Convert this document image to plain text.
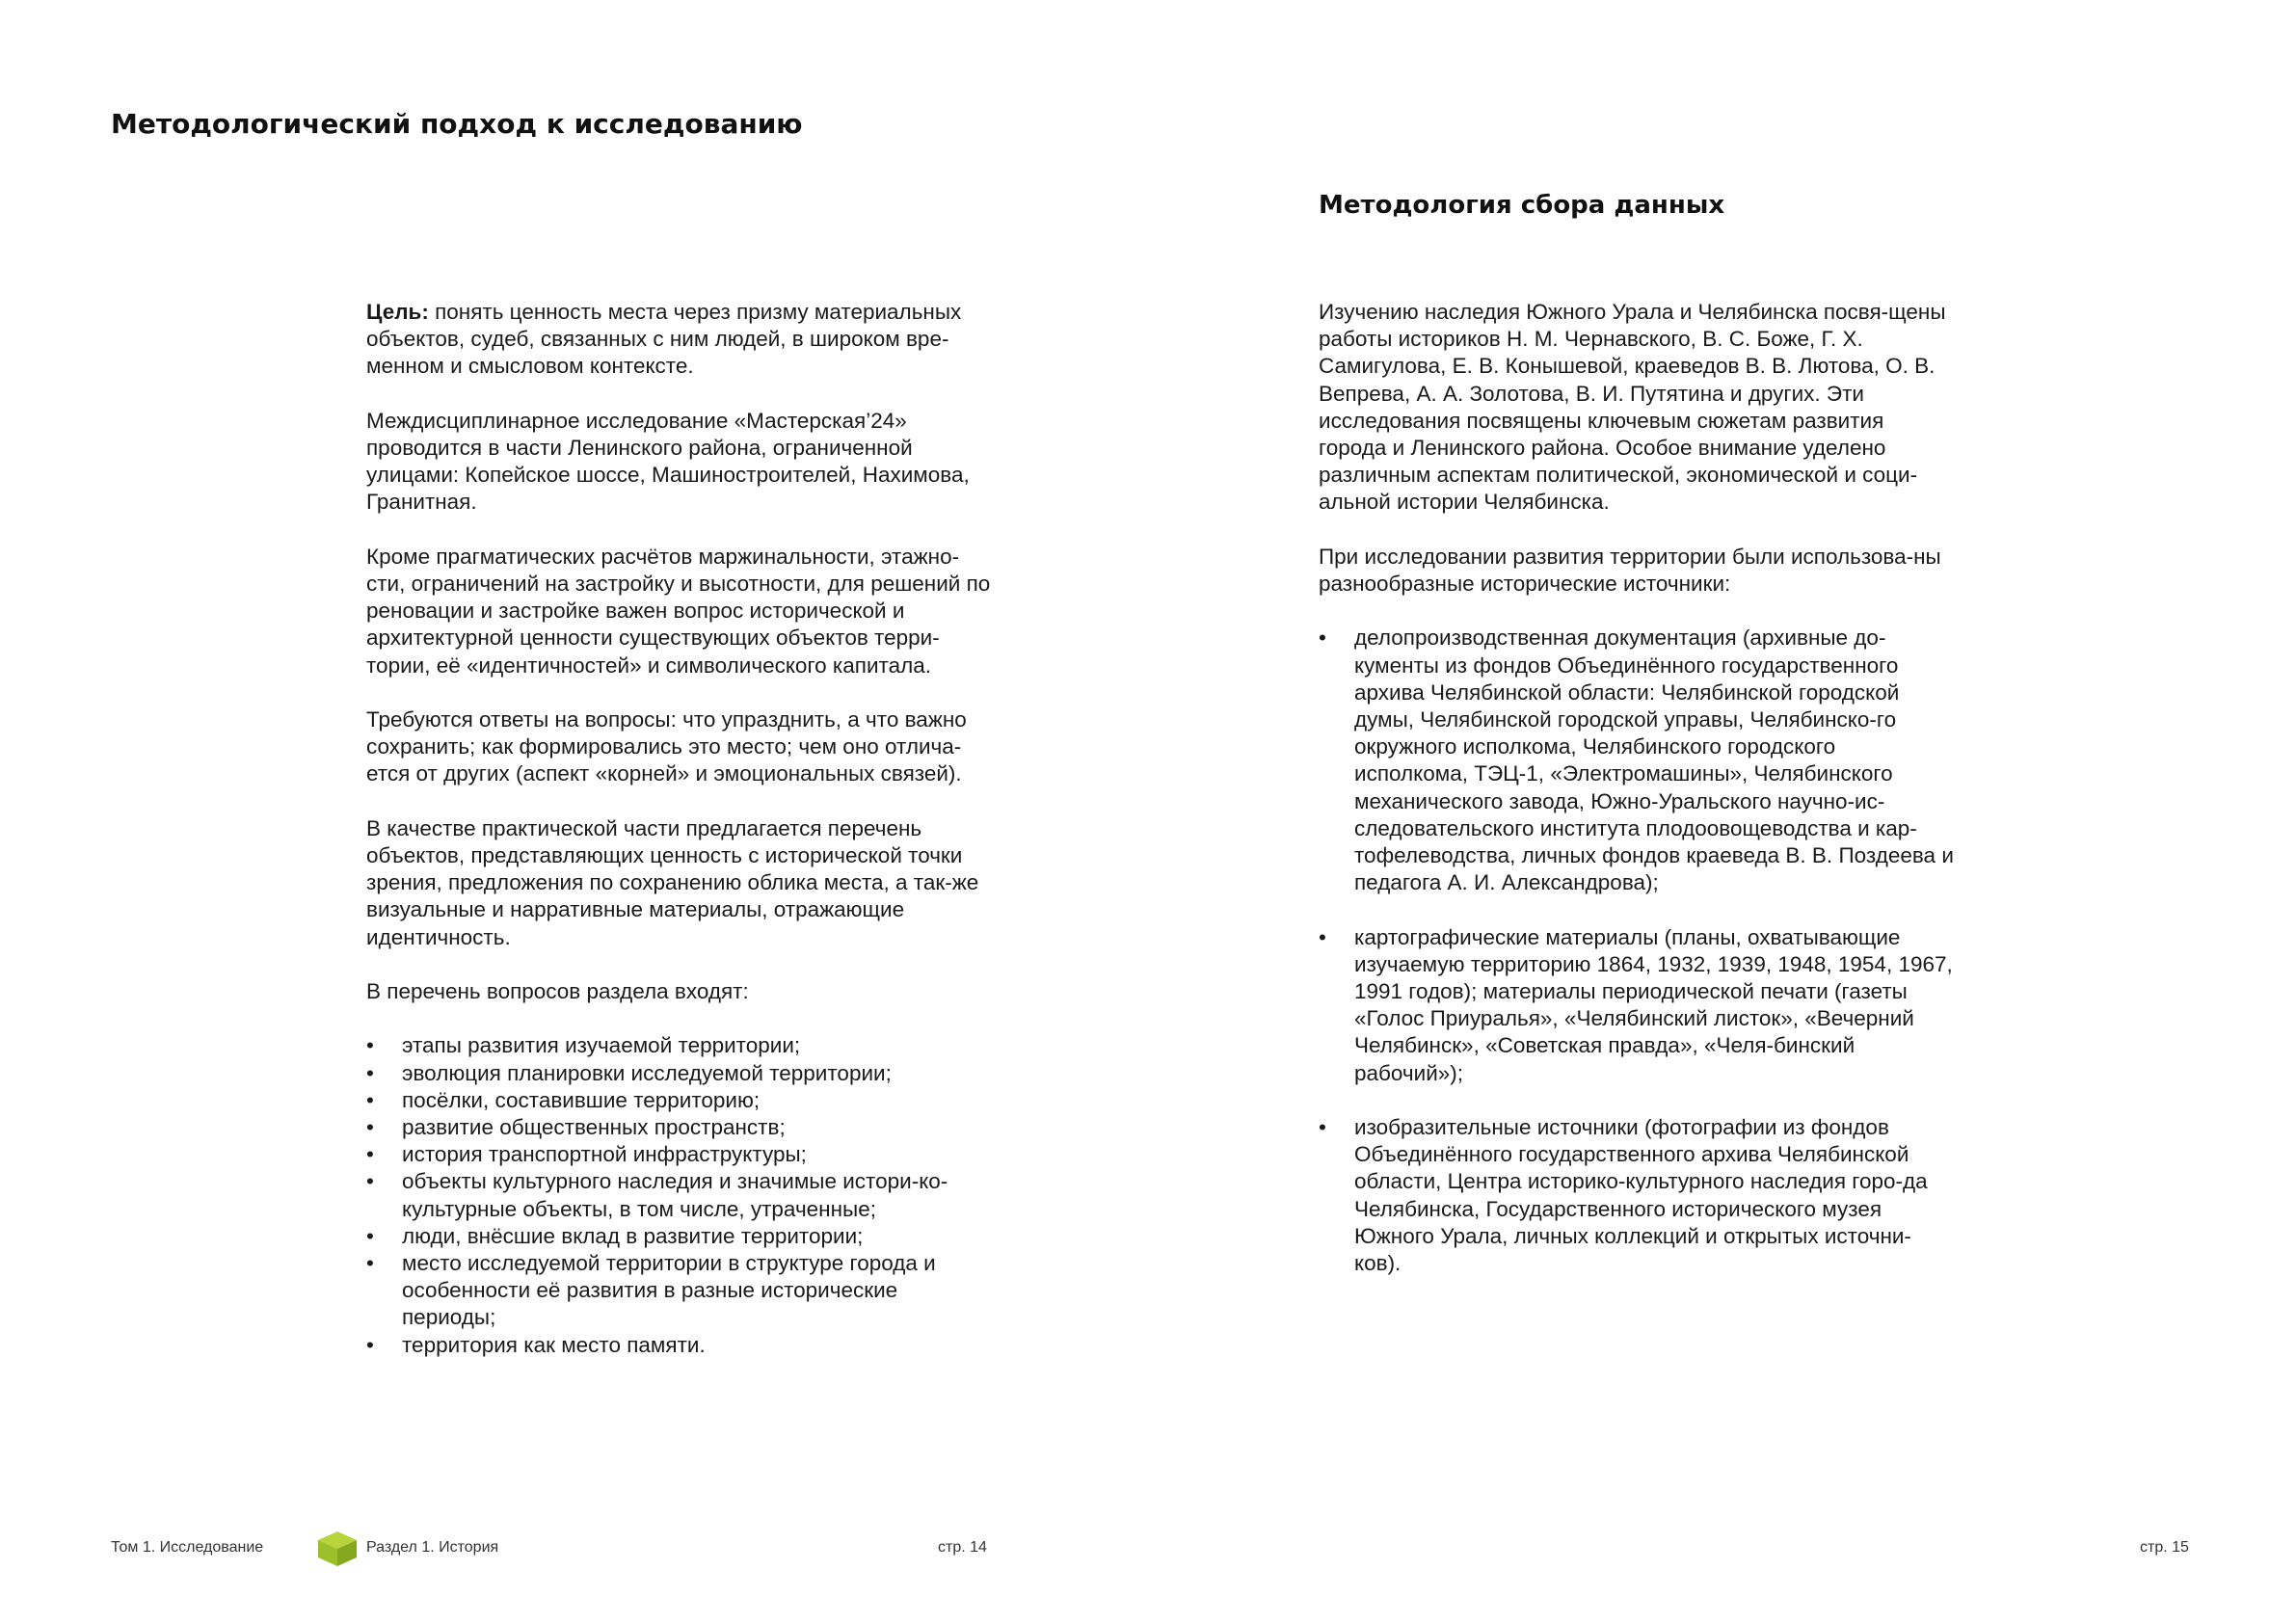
Методологический подход к исследованию

Цель: понять ценность места через призму материальных объектов, судеб, связанных с ним людей, в широком вре-менном и смысловом контексте.

Междисциплинарное исследование «Мастерская’24» проводится в части Ленинского района, ограниченной улицами: Копейское шоссе, Машиностроителей, Нахимова, Гранитная.

Кроме прагматических расчётов маржинальности, этажно-сти, ограничений на застройку и высотности, для решений по реновации и застройке важен вопрос исторической и архитектурной ценности существующих объектов терри-тории, её «идентичностей» и символического капитала.

Требуются ответы на вопросы: что упразднить, а что важно сохранить; как формировались это место; чем оно отлича-ется от других (аспект «корней» и эмоциональных связей).

В качестве практической части предлагается перечень объектов, представляющих ценность с исторической точки зрения, предложения по сохранению облика места, а так-же визуальные и нарративные материалы, отражающие идентичность.

В перечень вопросов раздела входят:

•	этапы развития изучаемой территории;
•	эволюция планировки исследуемой территории;
•	посёлки, составившие территорию;
•	развитие общественных пространств;
•	история транспортной инфраструктуры;
•	объекты культурного наследия и значимые истори-ко-культурные объекты, в том числе, утраченные;
•	люди, внёсшие вклад в развитие территории;
•	место исследуемой территории в структуре города и особенности её развития в разные исторические периоды;
•	территория как место памяти.
Методология сбора данных

Изучению наследия Южного Урала и Челябинска посвя-щены работы историков Н. М. Чернавского, В. С. Боже, Г. Х. Самигулова, Е. В. Конышевой, краеведов В. В. Лютова, О. В. Вепрева, А. А. Золотова, В. И. Путятина и других. Эти исследования посвящены ключевым сюжетам развития города и Ленинского района. Особое внимание уделено различным аспектам политической, экономической и соци-альной истории Челябинска.

При исследовании развития территории были использова-ны разнообразные исторические источники:

•	делопроизводственная документация (архивные до-кументы из фондов Объединённого государственного архива Челябинской области: Челябинской городской думы, Челябинской городской управы, Челябинско-го окружного исполкома, Челябинского городского исполкома, ТЭЦ-1, «Электромашины», Челябинского механического завода, Южно-Уральского научно-ис-следовательского института плодоовощеводства и кар-тофелеводства, личных фондов краеведа В. В. Поздеева и педагога А. И. Александрова);
•	картографические материалы (планы, охватывающие изучаемую территорию 1864, 1932, 1939, 1948, 1954, 1967, 1991 годов); материалы периодической печати (газеты «Голос Приуралья», «Челябинский листок», «Вечерний Челябинск», «Советская правда», «Челя-бинский рабочий»);
•	изобразительные источники (фотографии из фондов Объединённого государственного архива Челябинской области, Центра историко-культурного наследия горо-да Челябинска, Государственного исторического музея Южного Урала, личных коллекций и открытых источни-ков).
Том 1. Исследование	Раздел 1. История	стр. 14	стр. 15
